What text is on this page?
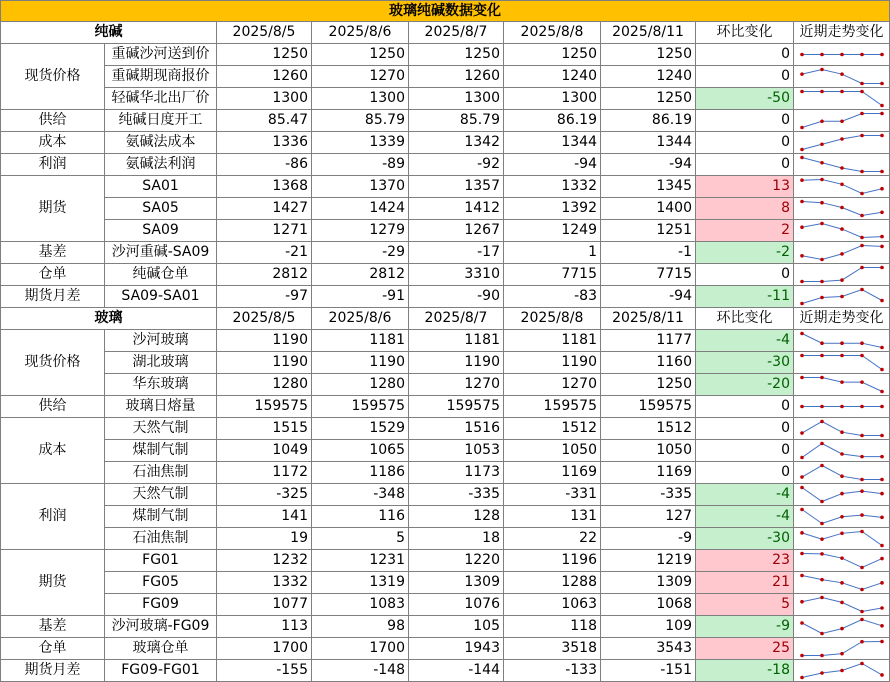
玻璃纯碱数据变化								
纯碱		2025/8/5	2025/8/6	2025/8/7	2025/8/8	2025/8/11	环比变化	近期走势变化
现货价格	重碱沙河送到价	1250	1250	1250	1250	1250	0	

	重碱期现商报价	1260	1270	1260	1240	1240	0	

	轻碱华北出厂价	1300	1300	1300	1300	1250	-50	

供给	纯碱日度开工	85.47	85.79	85.79	86.19	86.19	0	

成本	氨碱法成本	1336	1339	1342	1344	1344	0	

利润	氨碱法利润	-86	-89	-92	-94	-94	0	

期货	SA01	1368	1370	1357	1332	1345	13	

	SA05	1427	1424	1412	1392	1400	8	

	SA09	1271	1279	1267	1249	1251	2	

基差	沙河重碱-SA09	-21	-29	-17	1	-1	-2	

仓单	纯碱仓单	2812	2812	3310	7715	7715	0	

期货月差	SA09-SA01	-97	-91	-90	-83	-94	-11	

玻璃		2025/8/5	2025/8/6	2025/8/7	2025/8/8	2025/8/11	环比变化	近期走势变化
现货价格	沙河玻璃	1190	1181	1181	1181	1177	-4	

	湖北玻璃	1190	1190	1190	1190	1160	-30	

	华东玻璃	1280	1280	1270	1270	1250	-20	

供给	玻璃日熔量	159575	159575	159575	159575	159575	0	

成本	天然气制	1515	1529	1516	1512	1512	0	

	煤制气制	1049	1065	1053	1050	1050	0	

	石油焦制	1172	1186	1173	1169	1169	0	

利润	天然气制	-325	-348	-335	-331	-335	-4	

	煤制气制	141	116	128	131	127	-4	

	石油焦制	19	5	18	22	-9	-30	

期货	FG01	1232	1231	1220	1196	1219	23	

	FG05	1332	1319	1309	1288	1309	21	

	FG09	1077	1083	1076	1063	1068	5	

基差	沙河玻璃-FG09	113	98	105	118	109	-9	

仓单	玻璃仓单	1700	1700	1943	3518	3543	25	

期货月差	FG09-FG01	-155	-148	-144	-133	-151	-18	
